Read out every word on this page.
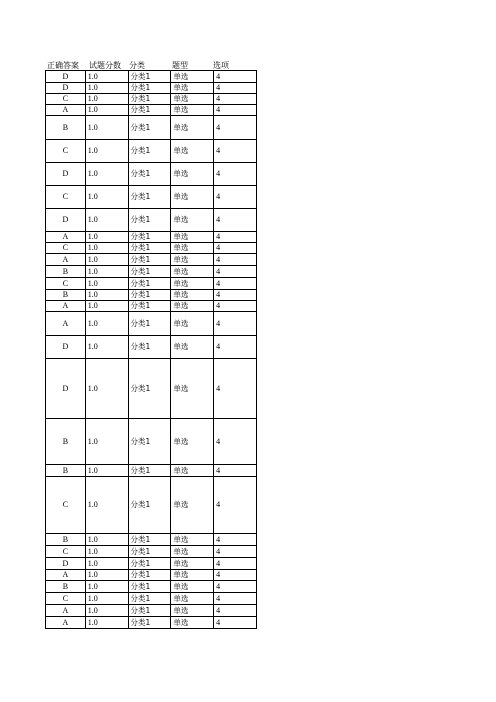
正确答案 试题分数 分类	题型	选项
D	1.0	分类1	单选	4
D	1.0	分类1	单选	4
C	1.0	分类1	单选	4
A	1.0	分类1	单选	4
B	1.0	分类1	单选	4
C	1.0	分类1	单选	4
D	1.0	分类1	单选	4
C	1.0	分类1	单选	4
D	1.0	分类1	单选	4
A	1.0	分类1	单选	4
C	1.0	分类1	单选	4
A	1.0	分类1	单选	4
B	1.0	分类1	单选	4
C	1.0	分类1	单选	4
B	1.0	分类1	单选	4
A	1.0	分类1	单选	4
A	1.0	分类1	单选	4
D	1.0	分类1	单选	4
D	1.0	分类1	单选	4
B	1.0	分类1	单选	4
B	1.0	分类1	单选	4
C	1.0	分类1	单选	4
B	1.0	分类1	单选	4
C	1.0	分类1	单选	4
D	1.0	分类1	单选	4
A	1.0	分类1	单选	4
B	1.0	分类1	单选	4
C	1.0	分类1	单选	4
A	1.0	分类1	单选	4
A	1.0	分类1	单选	4
